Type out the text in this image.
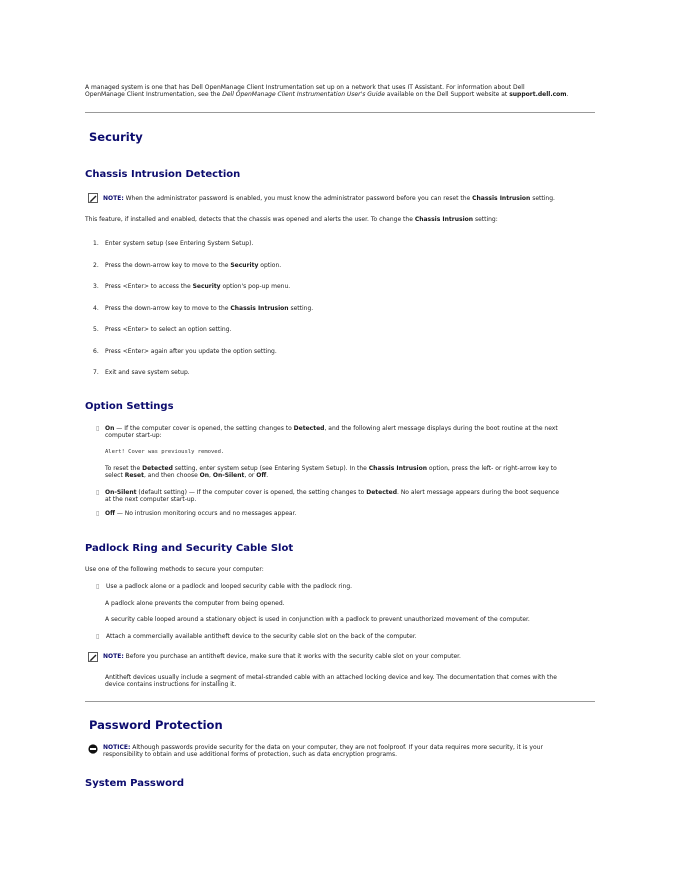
A managed system is one that has Dell OpenManage Client Instrumentation set up on a network that uses IT Assistant. For information about Dell
OpenManage Client Instrumentation, see the Dell OpenManage Client Instrumentation User's Guide available on the Dell Support website at support.dell.com.
Security
Chassis Intrusion Detection
NOTE: When the administrator password is enabled, you must know the administrator password before you can reset the Chassis Intrusion setting.
This feature, if installed and enabled, detects that the chassis was opened and alerts the user. To change the Chassis Intrusion setting:
1. Enter system setup (see Entering System Setup).
2. Press the down-arrow key to move to the Security option.
3. Press <Enter> to access the Security option's pop-up menu.
4. Press the down-arrow key to move to the Chassis Intrusion setting.
5. Press <Enter> to select an option setting.
6. Press <Enter> again after you update the option setting.
7. Exit and save system setup.
Option Settings
▯ On — If the computer cover is opened, the setting changes to Detected, and the following alert message displays during the boot routine at the next
computer start-up:
Alert! Cover was previously removed.
To reset the Detected setting, enter system setup (see Entering System Setup). In the Chassis Intrusion option, press the left- or right-arrow key to
select Reset, and then choose On, On-Silent, or Off.
▯ On-Silent (default setting) — If the computer cover is opened, the setting changes to Detected. No alert message appears during the boot sequence
at the next computer start-up.
▯ Off — No intrusion monitoring occurs and no messages appear.
Padlock Ring and Security Cable Slot
Use one of the following methods to secure your computer:
▯ Use a padlock alone or a padlock and looped security cable with the padlock ring.
A padlock alone prevents the computer from being opened.
A security cable looped around a stationary object is used in conjunction with a padlock to prevent unauthorized movement of the computer.
▯ Attach a commercially available antitheft device to the security cable slot on the back of the computer.
NOTE: Before you purchase an antitheft device, make sure that it works with the security cable slot on your computer.
Antitheft devices usually include a segment of metal-stranded cable with an attached locking device and key. The documentation that comes with the
device contains instructions for installing it.
Password Protection
NOTICE: Although passwords provide security for the data on your computer, they are not foolproof. If your data requires more security, it is your
responsibility to obtain and use additional forms of protection, such as data encryption programs.
System Password
